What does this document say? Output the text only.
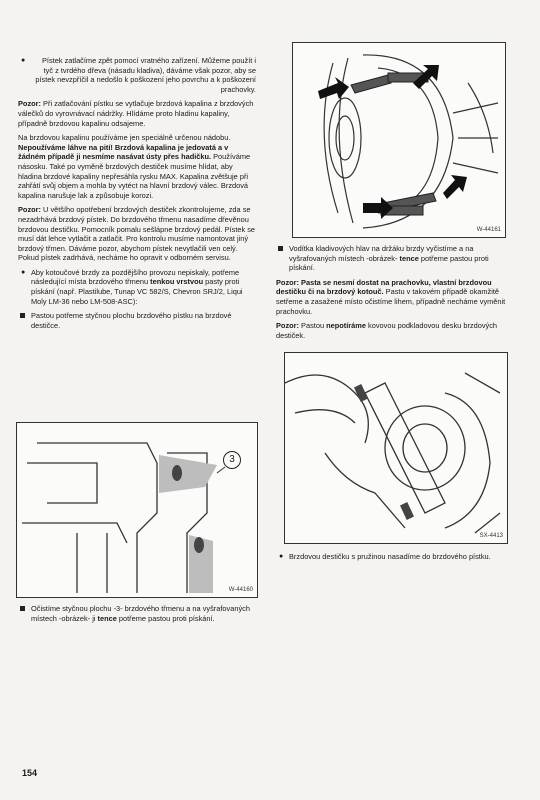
W-44161
●	Pístek zatlačíme zpět pomocí vratného zařízení. Můžeme použít i tyč z tvrdého dřeva (násadu kladiva), dáváme však pozor, aby se pístek nevzpříčil a nedošlo k poškození jeho povrchu a k poškození prachovky.

Pozor: Při zatlačování pístku se vytlačuje brzdová kapalina z brzdových válečků do vyrovnávací nádržky. Hlídáme proto hladinu kapaliny, případně brzdovou kapalinu odsajeme.

Na brzdovou kapalinu používáme jen speciálně určenou nádobu. Nepoužíváme láhve na pití! Brzdová kapalina je jedovatá a v žádném případě ji nesmíme nasávat ústy přes hadičku. Používáme násosku. Také po vyměně brzdových destiček musíme hlídat, aby hladina brzdové kapaliny nepřesáhla rysku MAX. Kapalina zvětšuje při zahřátí svůj objem a mohla by vytéct na hlavní brzdový válec. Brzdová kapalina narušuje lak a způsobuje korozi.

Pozor: U většího opotřebení brzdových destiček zkontrolujeme, zda se nezadrhává brzdový pístek. Do brzdového třmenu nasadíme dřevěnou brzdovou destičku. Pomocník pomalu sešlápne brzdový pedál. Pístek se musí dát lehce vytlačit a zatlačit. Pro kontrolu musíme namontovat jiný brzdový třmen. Dáváme pozor, abychom pístek nevytlačili ven celý. Pokud pístek zadrhává, necháme ho opravit v odborném servisu.

● Aby kotoučové brzdy za pozdějšího provozu nepiskaly, potřeme následující místa brzdového třmenu tenkou vrstvou pasty proti pískání (např. Plastilube, Tunap VC 582/S, Chevron SRJ/2, Liqui Moly LM-36 nebo LM-508-ASC):
Pastou potřeme styčnou plochu brzdového pístku na brzdové destičce.
3
W-44160
Očistíme styčnou plochu -3- brzdového třmenu a na vyšrafovaných místech -obrázek- ji tence potřeme pastou proti pískání.
Vodítka kladivových hlav na držáku brzdy vyčistíme a na vyšrafovaných místech -obrázek- tence potřeme pastou proti pískání.

Pozor: Pasta se nesmí dostat na prachovku, vlastní brzdovou destičku či na brzdový kotouč. Pastu v takovém případě okamžitě setřeme a zasažené místo očistíme lihem, případně necháme vyměnit prachovku.

Pozor: Pastou nepotíráme kovovou podkladovou desku brzdových destiček.

SX-4413
● Brzdovou destičku s pružinou nasadíme do brzdového pístku.
154
